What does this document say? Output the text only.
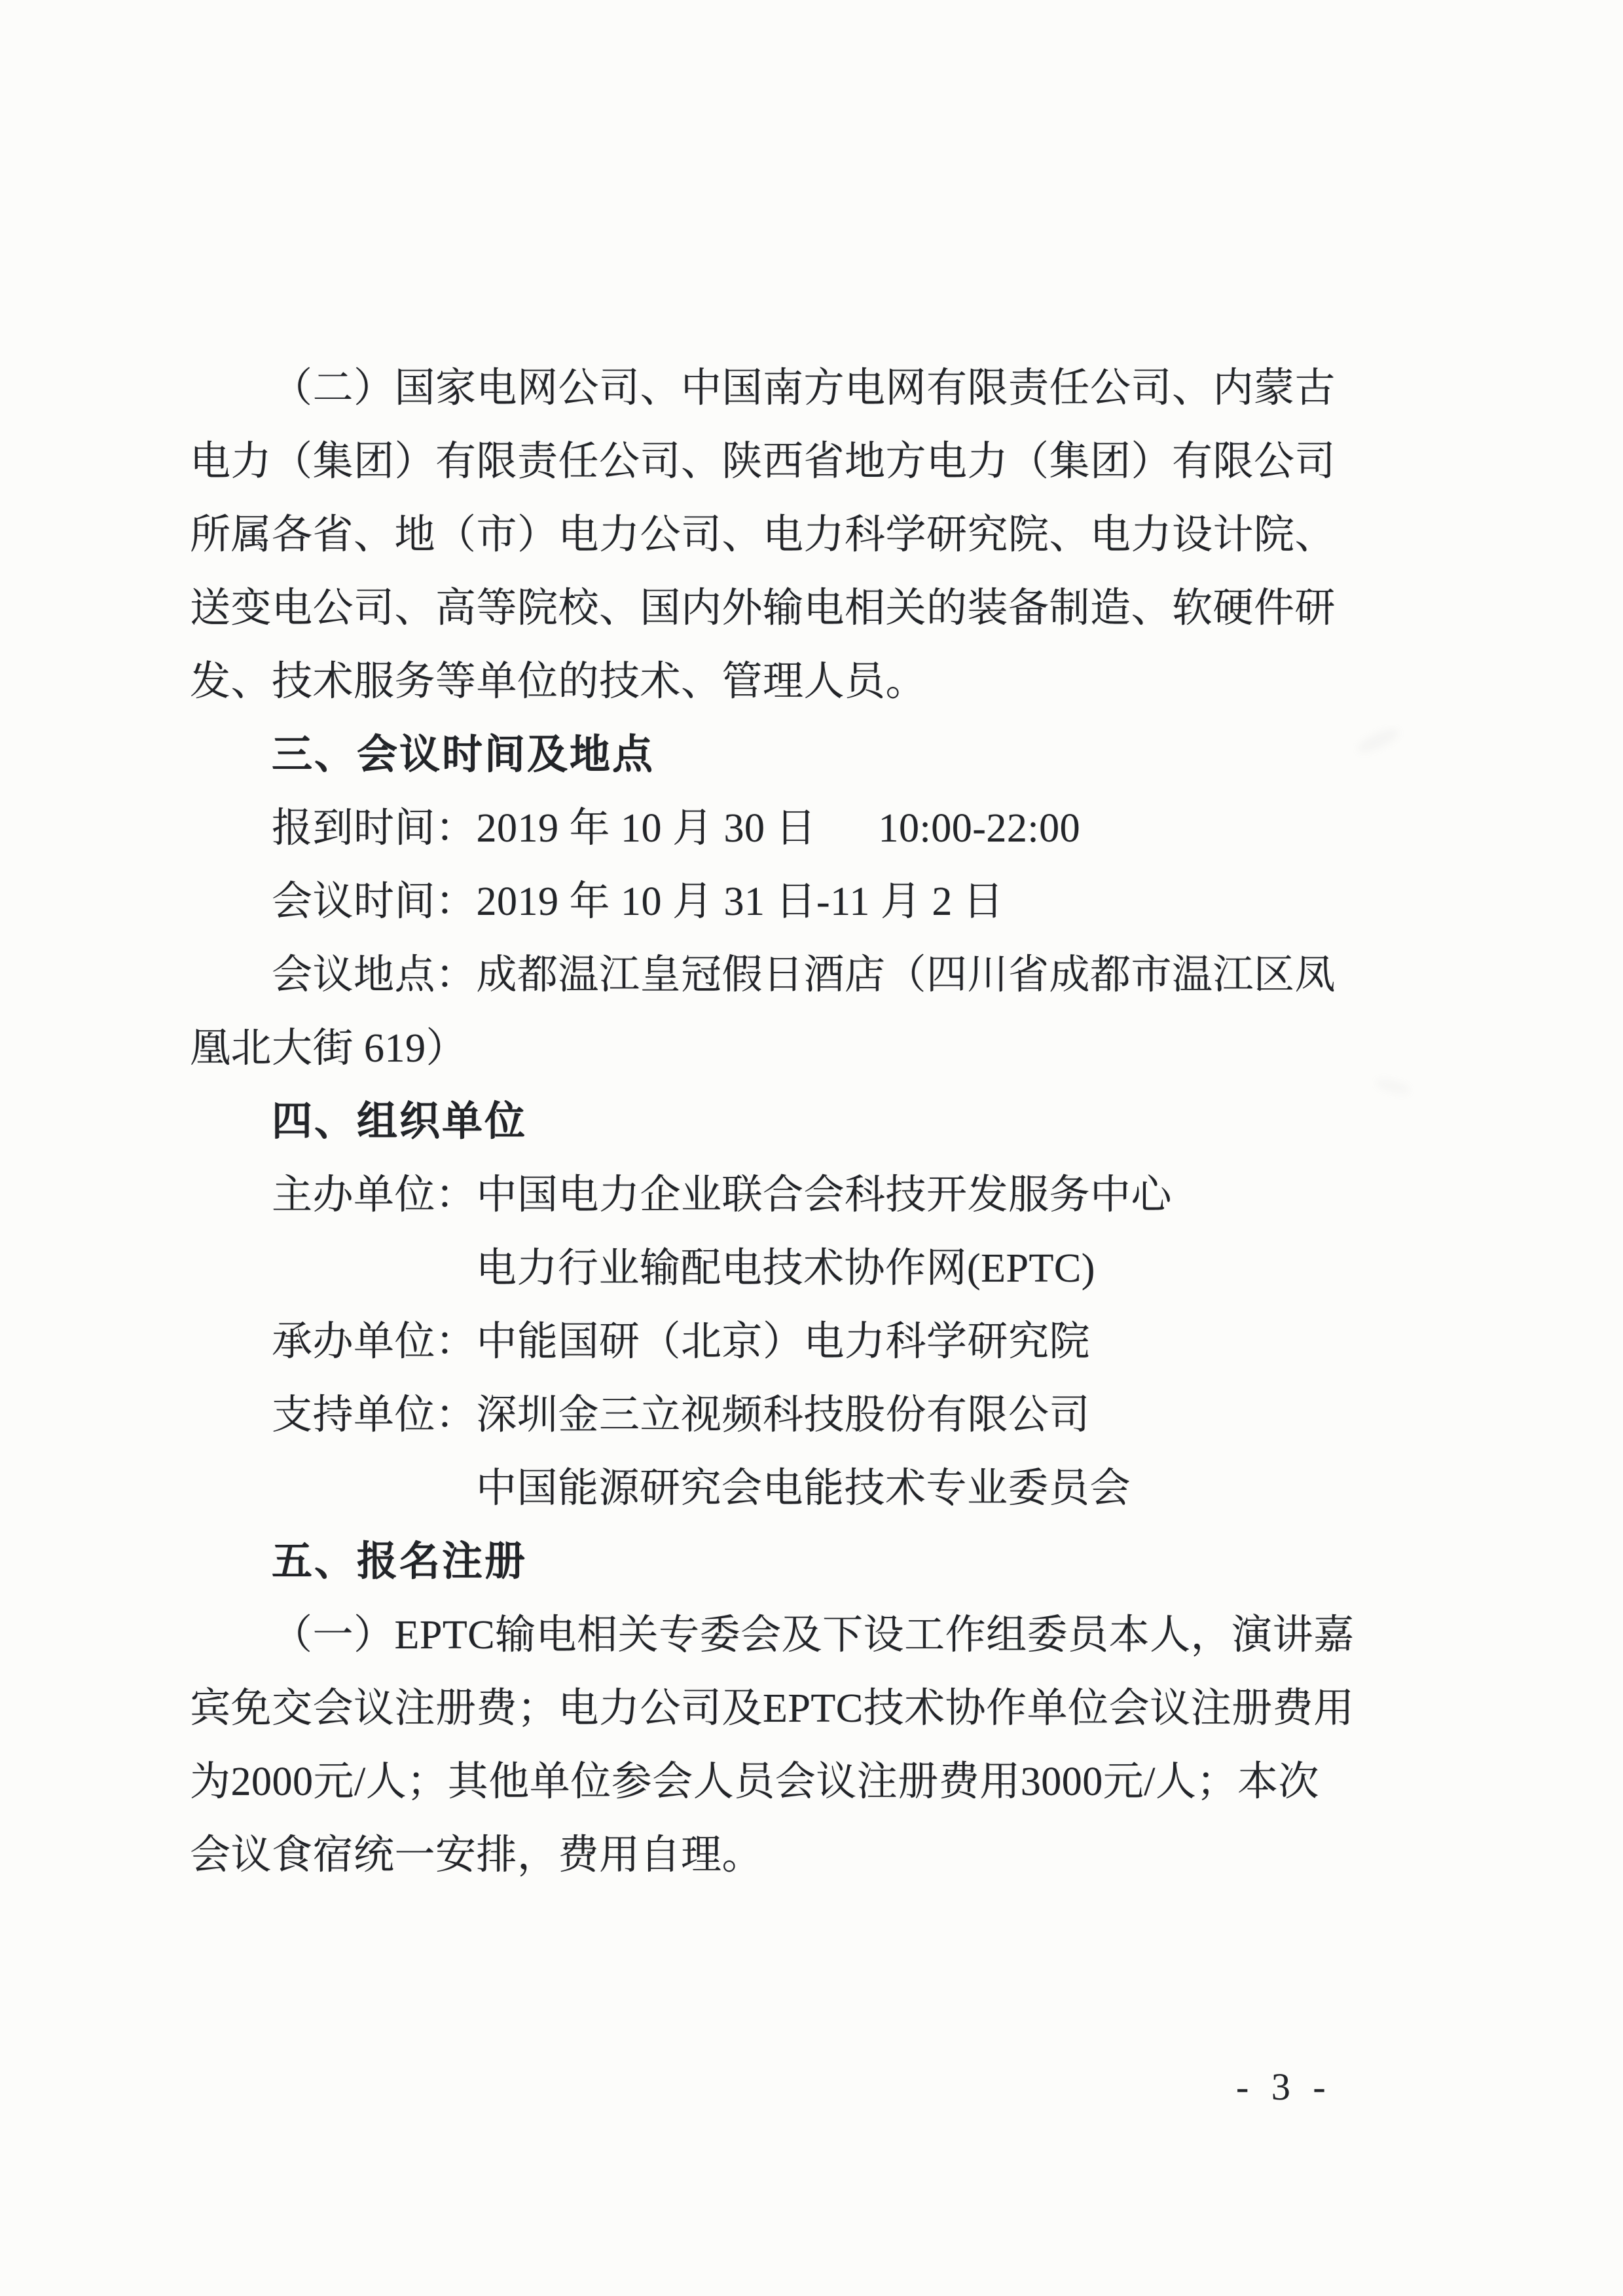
（二）国家电网公司、中国南方电网有限责任公司、内蒙古
电力（集团）有限责任公司、陕西省地方电力（集团）有限公司
所属各省、地（市）电力公司、电力科学研究院、电力设计院、
送变电公司、高等院校、国内外输电相关的装备制造、软硬件研
发、技术服务等单位的技术、管理人员。
三、会议时间及地点
报到时间：2019 年 10 月 30 日　  10:00-22:00
会议时间：2019 年 10 月 31 日-11 月 2 日
会议地点：成都温江皇冠假日酒店（四川省成都市温江区凤
凰北大街 619）
四、组织单位
主办单位：中国电力企业联合会科技开发服务中心
电力行业输配电技术协作网(EPTC)
承办单位：中能国研（北京）电力科学研究院
支持单位：深圳金三立视频科技股份有限公司
中国能源研究会电能技术专业委员会
五、报名注册
（一）EPTC输电相关专委会及下设工作组委员本人，演讲嘉
宾免交会议注册费；电力公司及EPTC技术协作单位会议注册费用
为2000元/人；其他单位参会人员会议注册费用3000元/人；本次
会议食宿统一安排，费用自理。
- 3 -
